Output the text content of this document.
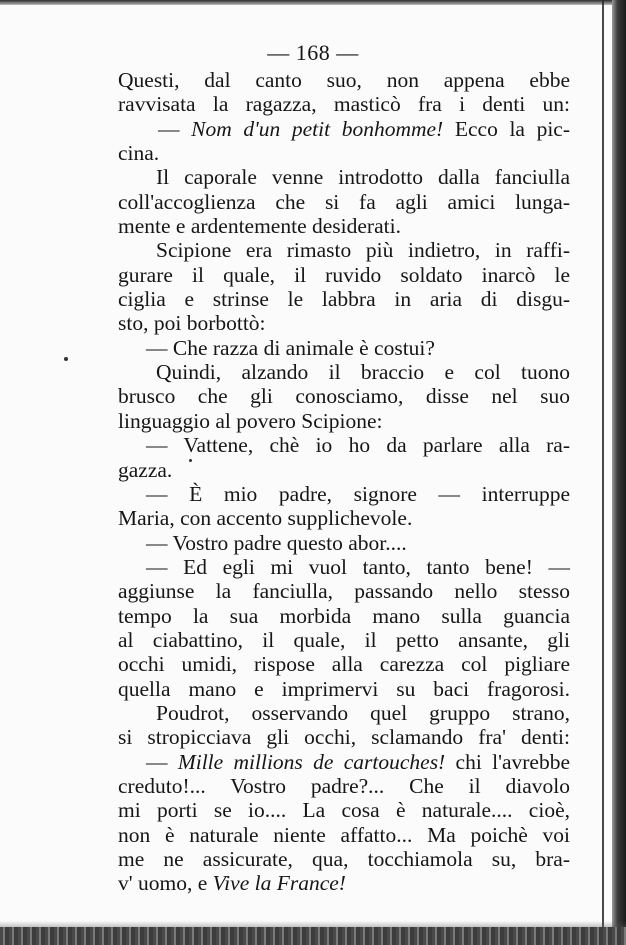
— 168 —
Questi, dal canto suo, non appena ebbe
ravvisata la ragazza, masticò fra i denti un:
— Nom d'un petit bonhomme! Ecco la pic-
cina.
Il caporale venne introdotto dalla fanciulla
coll'accoglienza che si fa agli amici lunga-
mente e ardentemente desiderati.
Scipione era rimasto più indietro, in raffi-
gurare il quale, il ruvido soldato inarcò le
ciglia e strinse le labbra in aria di disgu-
sto, poi borbottò:
— Che razza di animale è costui?
Quindi, alzando il braccio e col tuono
brusco che gli conosciamo, disse nel suo
linguaggio al povero Scipione:
— Vattene, chè io ho da parlare alla ra-
gazza.
— È mio padre, signore — interruppe
Maria, con accento supplichevole.
— Vostro padre questo abor....
— Ed egli mi vuol tanto, tanto bene! —
aggiunse la fanciulla, passando nello stesso
tempo la sua morbida mano sulla guancia
al ciabattino, il quale, il petto ansante, gli
occhi umidi, rispose alla carezza col pigliare
quella mano e imprimervi su baci fragorosi.
Poudrot, osservando quel gruppo strano,
si stropicciava gli occhi, sclamando fra' denti:
— Mille millions de cartouches! chi l'avrebbe
creduto!... Vostro padre?... Che il diavolo
mi porti se io.... La cosa è naturale.... cioè,
non è naturale niente affatto... Ma poichè voi
me ne assicurate, qua, tocchiamola su, bra-
v' uomo, e Vive la France!
